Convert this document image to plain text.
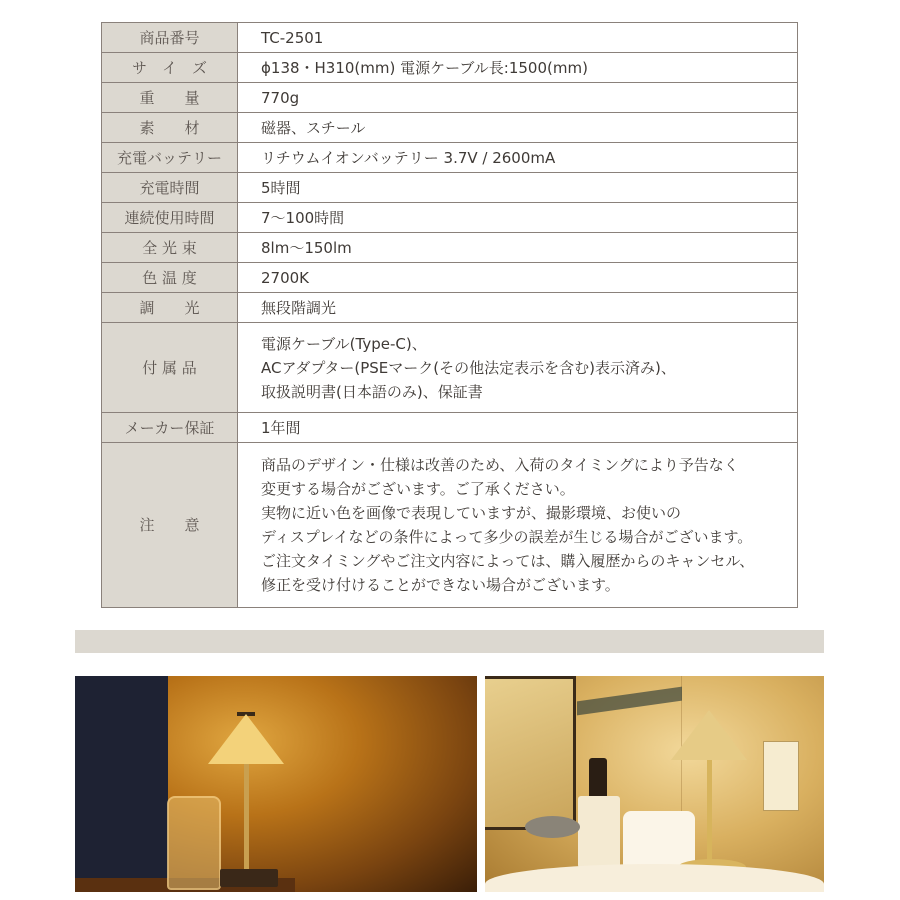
商品番号	TC-2501

サ　イ　ズ	ϕ138・H310(mm) 電源ケーブル長:1500(mm)

重　　量	770g

素　　材	磁器、スチール

充電バッテリー	リチウムイオンバッテリー 3.7V / 2600mA

充電時間	5時間

連続使用時間	7〜100時間

全 光 束	8lm〜150lm

色 温 度	2700K

調　　光	無段階調光

付 属 品	電源ケーブル(Type-C)、
ACアダプター(PSEマーク(その他法定表示を含む)表示済み)、
取扱説明書(日本語のみ)、保証書

メーカー保証	1年間

注　　意	
商品のデザイン・仕様は改善のため、入荷のタイミングにより予告なく
変更する場合がございます。ご了承ください。
実物に近い色を画像で表現していますが、撮影環境、お使いの
ディスプレイなどの条件によって多少の誤差が生じる場合がございます。
ご注文タイミングやご注文内容によっては、購入履歴からのキャンセル、
修正を受け付けることができない場合がございます。
